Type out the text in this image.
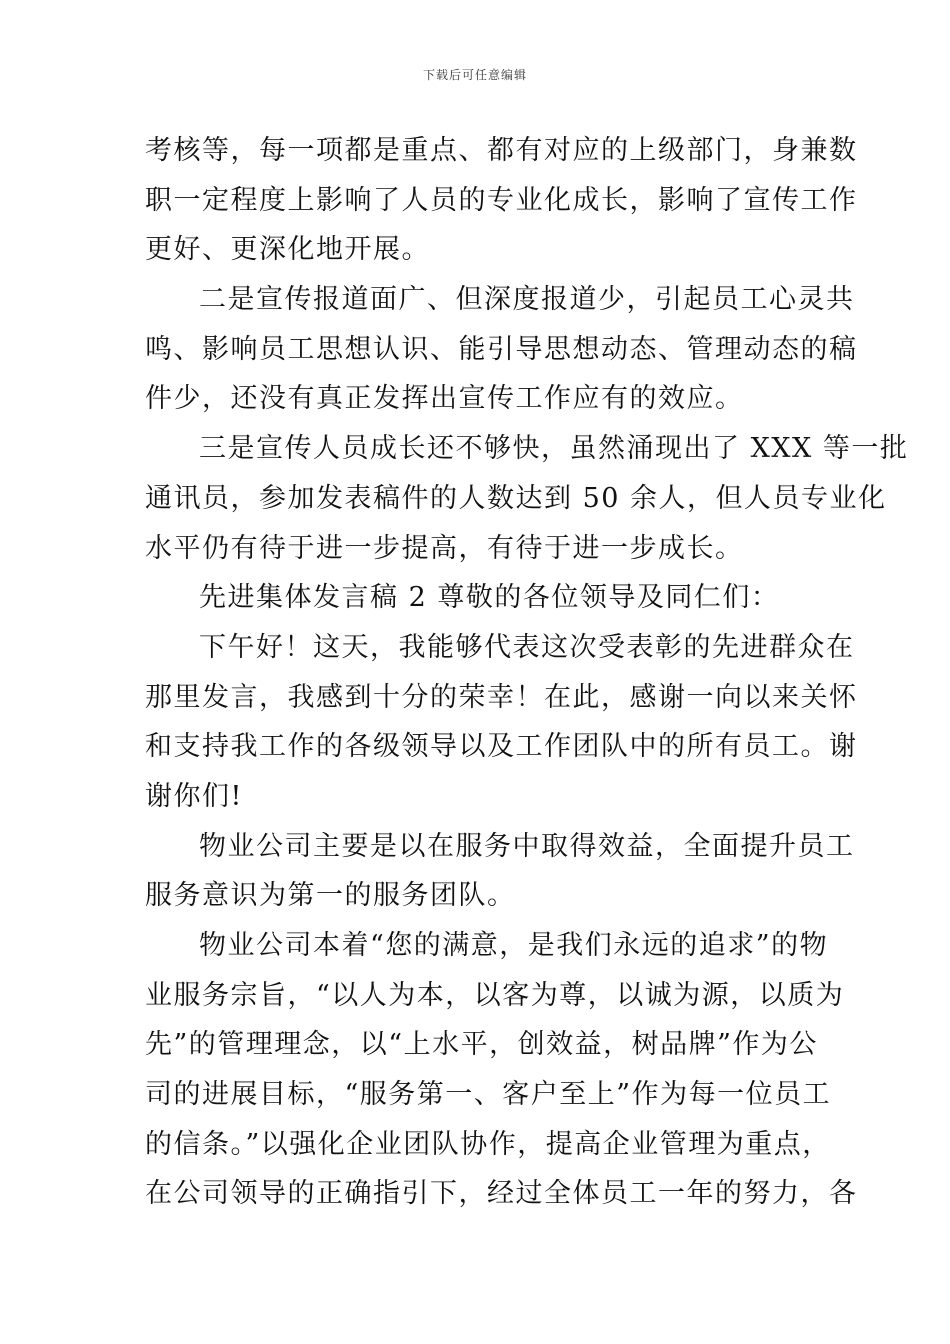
下载后可任意编辑
考核等，每一项都是重点、都有对应的上级部门，身兼数
职一定程度上影响了人员的专业化成长，影响了宣传工作
更好、更深化地开展。
二是宣传报道面广、但深度报道少，引起员工心灵共
鸣、影响员工思想认识、能引导思想动态、管理动态的稿
件少，还没有真正发挥出宣传工作应有的效应。
三是宣传人员成长还不够快，虽然涌现出了 XXX 等一批
通讯员，参加发表稿件的人数达到 50 余人，但人员专业化
水平仍有待于进一步提高，有待于进一步成长。
先进集体发言稿 2 尊敬的各位领导及同仁们：
下午好！这天，我能够代表这次受表彰的先进群众在
那里发言，我感到十分的荣幸！在此，感谢一向以来关怀
和支持我工作的各级领导以及工作团队中的所有员工。谢
谢你们!
物业公司主要是以在服务中取得效益，全面提升员工
服务意识为第一的服务团队。
物业公司本着“您的满意，是我们永远的追求”的物
业服务宗旨，“以人为本，以客为尊，以诚为源，以质为
先”的管理理念，以“上水平，创效益，树品牌”作为公
司的进展目标，“服务第一、客户至上”作为每一位员工
的信条。”以强化企业团队协作，提高企业管理为重点，
在公司领导的正确指引下，经过全体员工一年的努力，各
